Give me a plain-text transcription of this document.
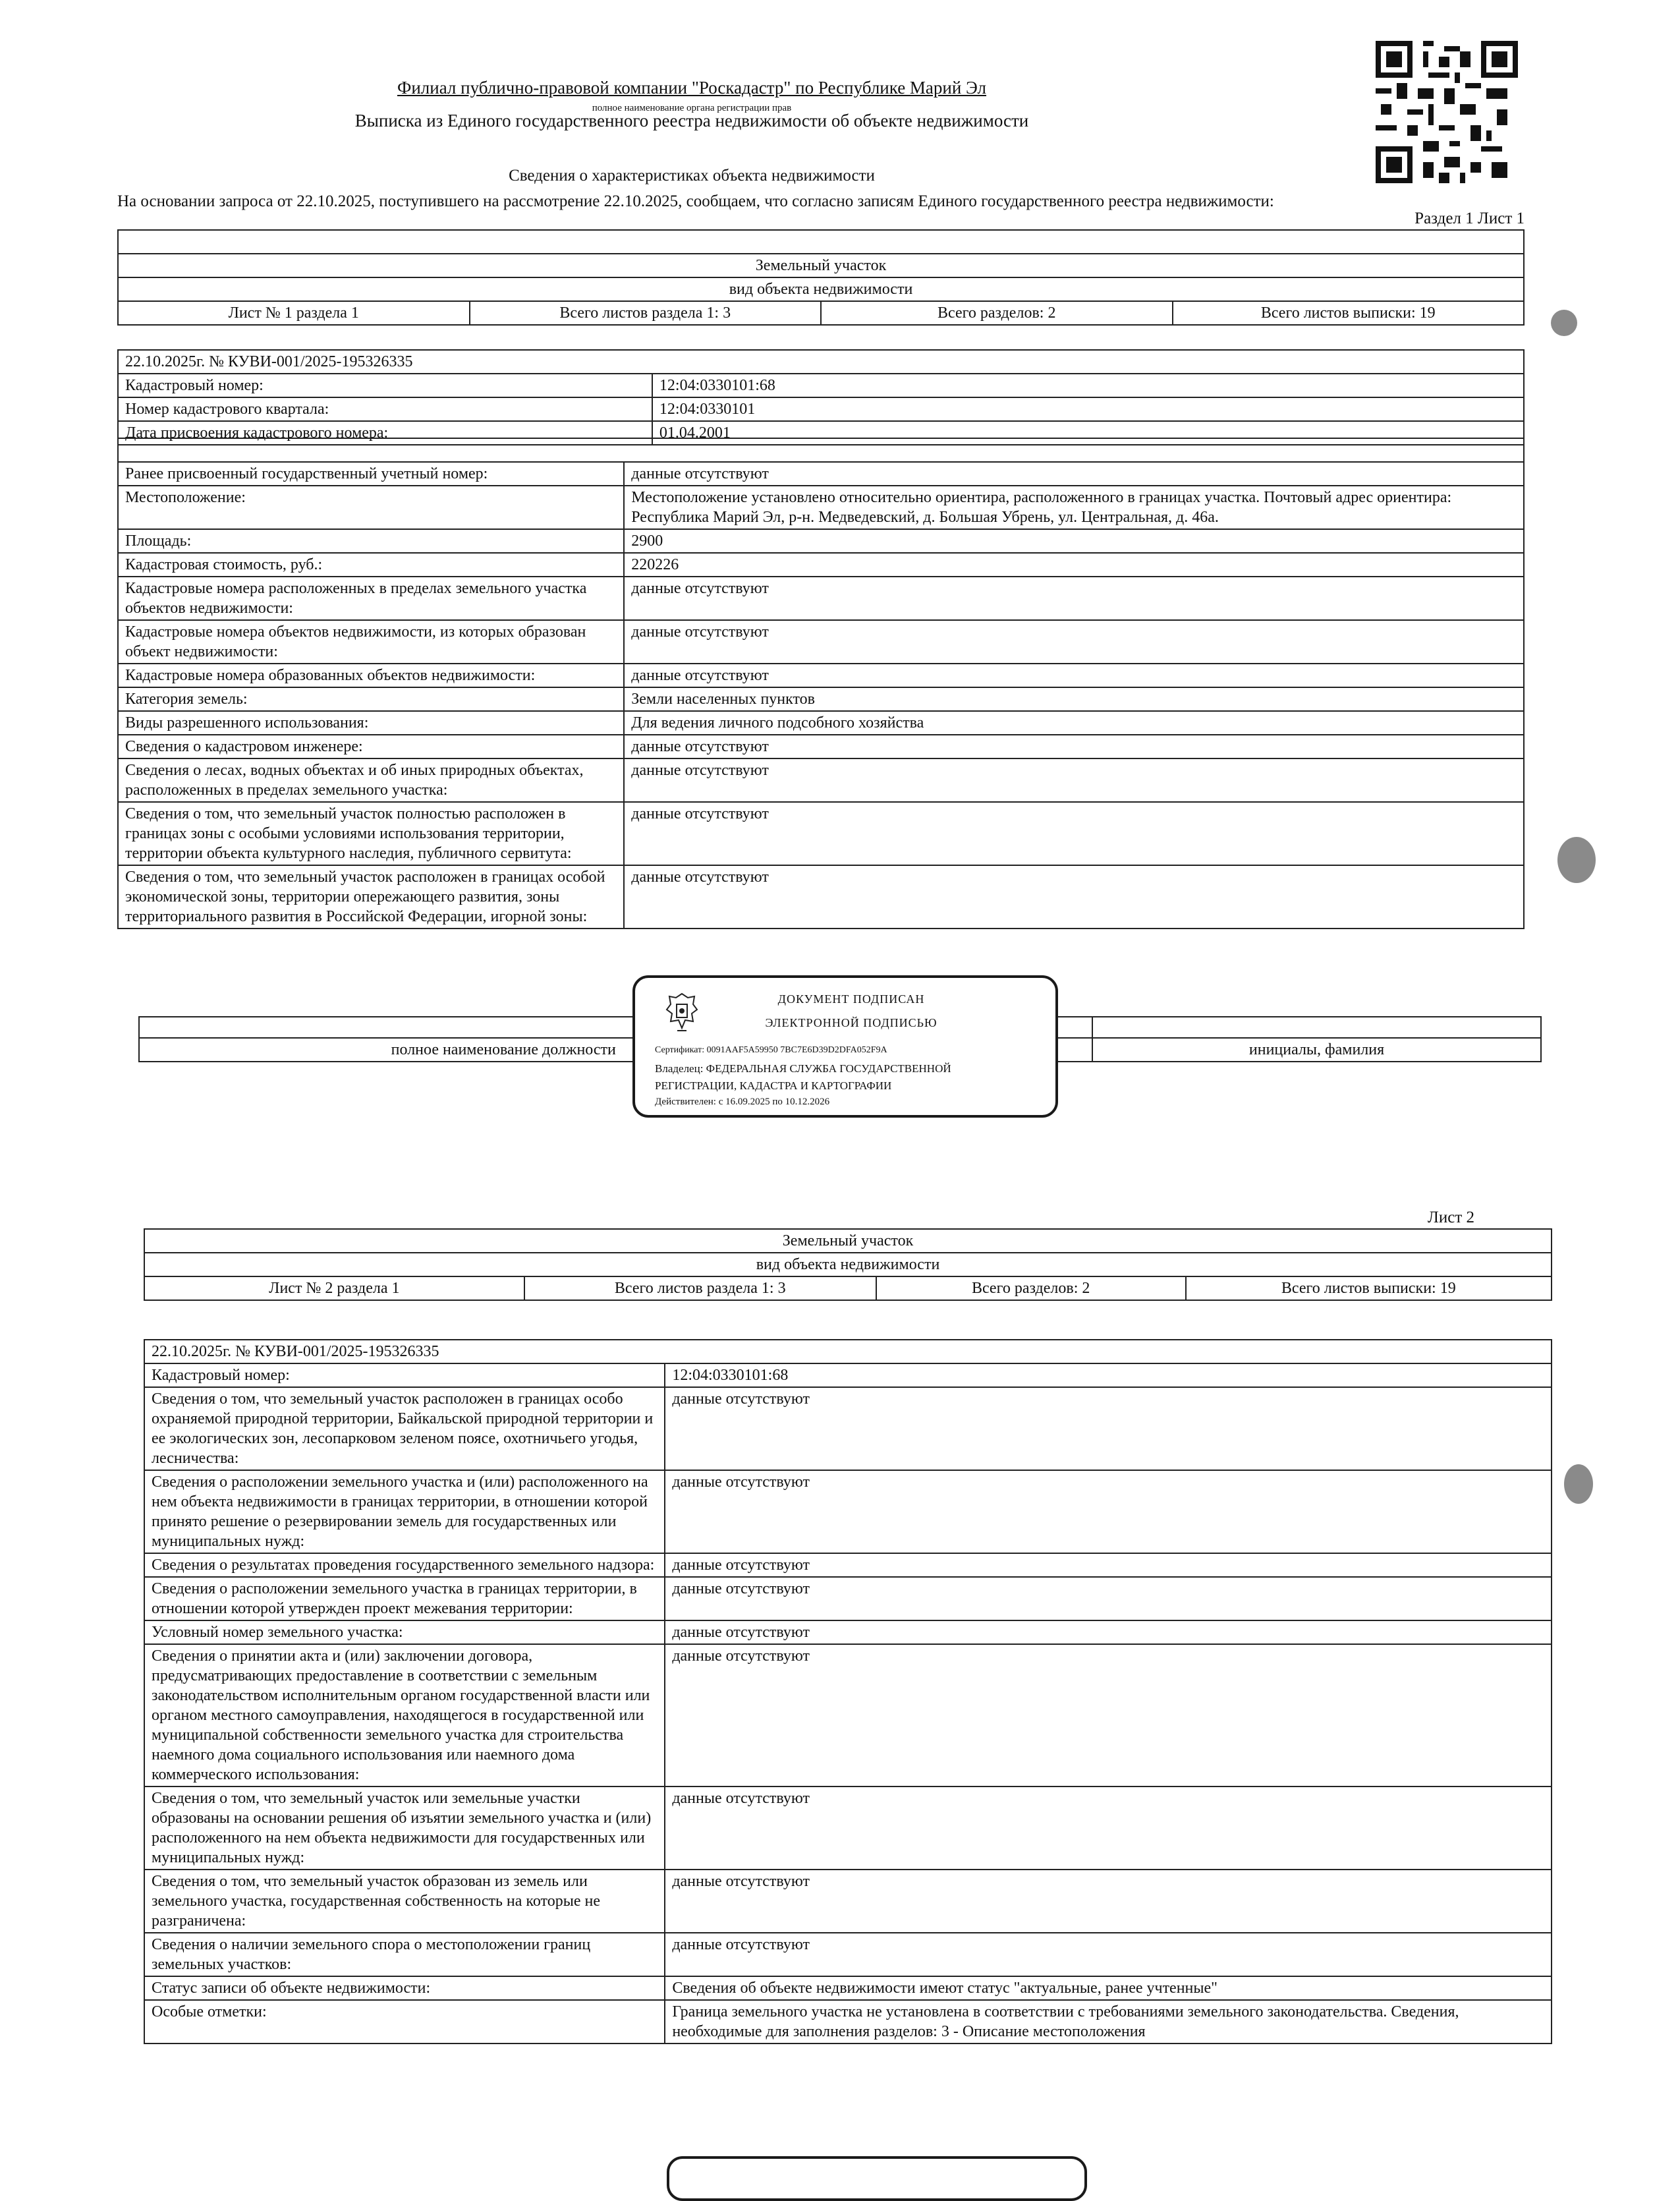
Филиал публично-правовой компании "Роскадастр" по Республике Марий Эл
полное наименование органа регистрации прав
Выписка из Единого государственного реестра недвижимости об объекте недвижимости
Сведения о характеристиках объекта недвижимости
На основании запроса от 22.10.2025, поступившего на рассмотрение 22.10.2025, сообщаем, что согласно записям Единого государственного реестра недвижимости:
Раздел 1 Лист 1

Земельный участок
вид объекта недвижимости
Лист № 1 раздела 1	Всего листов раздела 1: 3	Всего разделов: 2	Всего листов выписки: 19
22.10.2025г. № КУВИ-001/2025-195326335	
Кадастровый номер:	12:04:0330101:68
Номер кадастрового квартала:	12:04:0330101
Дата присвоения кадастрового номера:	01.04.2001

Ранее присвоенный государственный учетный номер:	данные отсутствуют
Местоположение:	Местоположение установлено относительно ориентира, расположенного в границах участка. Почтовый адрес ориентира: Республика Марий Эл, р-н. Медведевский, д. Большая Убрень, ул. Центральная, д. 46а.
Площадь:	2900
Кадастровая стоимость, руб.:	220226
Кадастровые номера расположенных в пределах земельного участка объектов недвижимости:	данные отсутствуют
Кадастровые номера объектов недвижимости, из которых образован объект недвижимости:	данные отсутствуют
Кадастровые номера образованных объектов недвижимости:	данные отсутствуют
Категория земель:	Земли населенных пунктов
Виды разрешенного использования:	Для ведения личного подсобного хозяйства
Сведения о кадастровом инженере:	данные отсутствуют
Сведения о лесах, водных объектах и об иных природных объектах, расположенных в пределах земельного участка:	данные отсутствуют
Сведения о том, что земельный участок полностью расположен в границах зоны с особыми условиями использования территории, территории объекта культурного наследия, публичного сервитута:	данные отсутствуют
Сведения о том, что земельный участок расположен в границах особой экономической зоны, территории опережающего развития, зоны территориального развития в Российской Федерации, игорной зоны:	данные отсутствуют

полное наименование должности		инициалы, фамилия
ДОКУМЕНТ ПОДПИСАН
ЭЛЕКТРОННОЙ ПОДПИСЬЮ
Сертификат: 0091AAF5A59950 7BC7E6D39D2DFA052F9A
Владелец: ФЕДЕРАЛЬНАЯ СЛУЖБА ГОСУДАРСТВЕННОЙ
РЕГИСТРАЦИИ, КАДАСТРА И КАРТОГРАФИИ
Действителен: с 16.09.2025 по 10.12.2026
Лист 2
Земельный участок
вид объекта недвижимости
Лист № 2 раздела 1	Всего листов раздела 1: 3	Всего разделов: 2	Всего листов выписки: 19
22.10.2025г. № КУВИ-001/2025-195326335
Кадастровый номер:	12:04:0330101:68
Сведения о том, что земельный участок расположен в границах особо охраняемой природной территории, Байкальской природной территории и ее экологических зон, лесопарковом зеленом поясе, охотничьего угодья, лесничества:	данные отсутствуют
Сведения о расположении земельного участка и (или) расположенного на нем объекта недвижимости в границах территории, в отношении которой принято решение о резервировании земель для государственных или муниципальных нужд:	данные отсутствуют
Сведения о результатах проведения государственного земельного надзора:	данные отсутствуют
Сведения о расположении земельного участка в границах территории, в отношении которой утвержден проект межевания территории:	данные отсутствуют
Условный номер земельного участка:	данные отсутствуют
Сведения о принятии акта и (или) заключении договора, предусматривающих предоставление в соответствии с земельным законодательством исполнительным органом государственной власти или органом местного самоуправления, находящегося в государственной или муниципальной собственности земельного участка для строительства наемного дома социального использования или наемного дома коммерческого использования:	данные отсутствуют
Сведения о том, что земельный участок или земельные участки образованы на основании решения об изъятии земельного участка и (или) расположенного на нем объекта недвижимости для государственных или муниципальных нужд:	данные отсутствуют
Сведения о том, что земельный участок образован из земель или земельного участка, государственная собственность на которые не разграничена:	данные отсутствуют
Сведения о наличии земельного спора о местоположении границ земельных участков:	данные отсутствуют
Статус записи об объекте недвижимости:	Сведения об объекте недвижимости имеют статус "актуальные, ранее учтенные"
Особые отметки:	Граница земельного участка не установлена в соответствии с требованиями земельного законодательства. Сведения, необходимые для заполнения разделов: 3 - Описание местоположения
